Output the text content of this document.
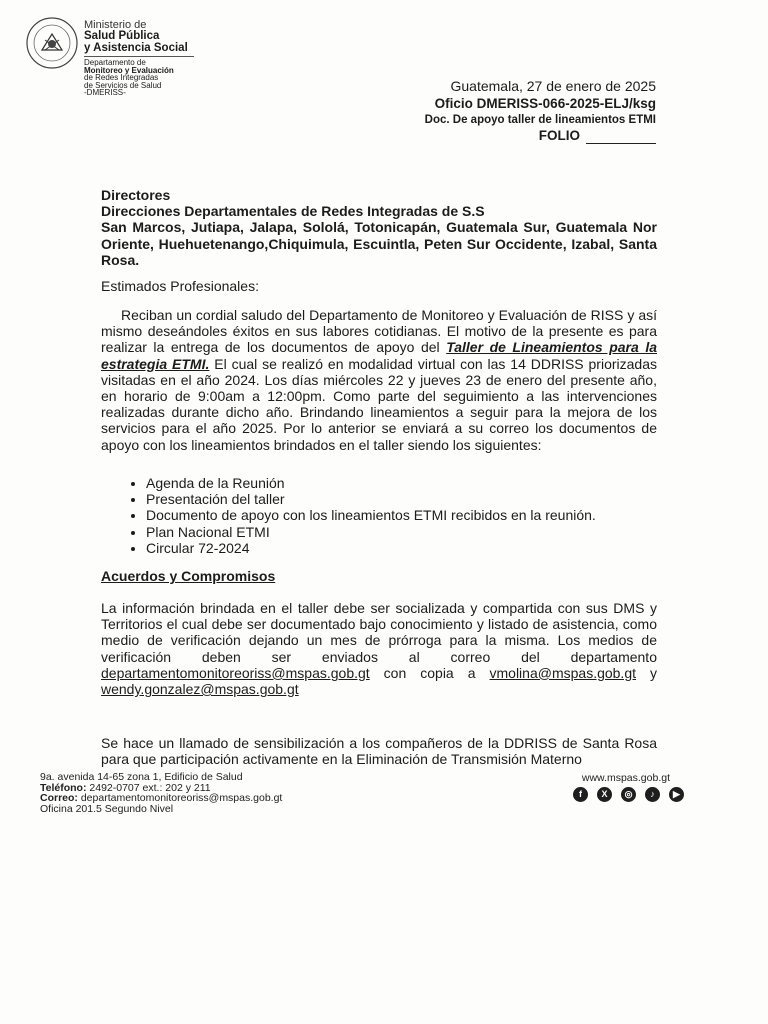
Ministerio de
Salud Pública
y Asistencia Social
Departamento de
Monitoreo y Evaluación
de Redes Integradas
de Servicios de Salud
-DMERISS-	Guatemala, 27 de enero de 2025
Oficio DMERISS-066-2025-ELJ/ksg
Doc. De apoyo taller de lineamientos ETMI
FOLIO
Directores
Direcciones Departamentales de Redes Integradas de S.S
San Marcos, Jutiapa, Jalapa, Sololá, Totonicapán, Guatemala Sur, Guatemala Nor Oriente, Huehuetenango,Chiquimula, Escuintla, Peten Sur Occidente, Izabal, Santa Rosa.
Estimados Profesionales:
Reciban un cordial saludo del Departamento de Monitoreo y Evaluación de RISS y así mismo deseándoles éxitos en sus labores cotidianas. El motivo de la presente es para realizar la entrega de los documentos de apoyo del Taller de Lineamientos para la estrategia ETMI. El cual se realizó en modalidad virtual con las 14 DDRISS priorizadas visitadas en el año 2024. Los días miércoles 22 y jueves 23 de enero del presente año, en horario de 9:00am a 12:00pm. Como parte del seguimiento a las intervenciones realizadas durante dicho año. Brindando lineamientos a seguir para la mejora de los servicios para el año 2025. Por lo anterior se enviará a su correo los documentos de apoyo con los lineamientos brindados en el taller siendo los siguientes:
• Agenda de la Reunión
• Presentación del taller
• Documento de apoyo con los lineamientos ETMI recibidos en la reunión.
• Plan Nacional ETMI
• Circular 72-2024
Acuerdos y Compromisos
La información brindada en el taller debe ser socializada y compartida con sus DMS y Territorios el cual debe ser documentado bajo conocimiento y listado de asistencia, como medio de verificación dejando un mes de prórroga para la misma. Los medios de verificación deben ser enviados al correo del departamento departamentomonitoreoriss@mspas.gob.gt con copia a vmolina@mspas.gob.gt y wendy.gonzalez@mspas.gob.gt
Se hace un llamado de sensibilización a los compañeros de la DDRISS de Santa Rosa para que participación activamente en la Eliminación de Transmisión Materno
9a. avenida 14-65 zona 1, Edificio de Salud
Teléfono: 2492-0707 ext.: 202 y 211
Correo: departamentomonitoreoriss@mspas.gob.gt
Oficina 201.5 Segundo Nivel
www.mspas.gob.gt
f	X	◎	♪	▶
